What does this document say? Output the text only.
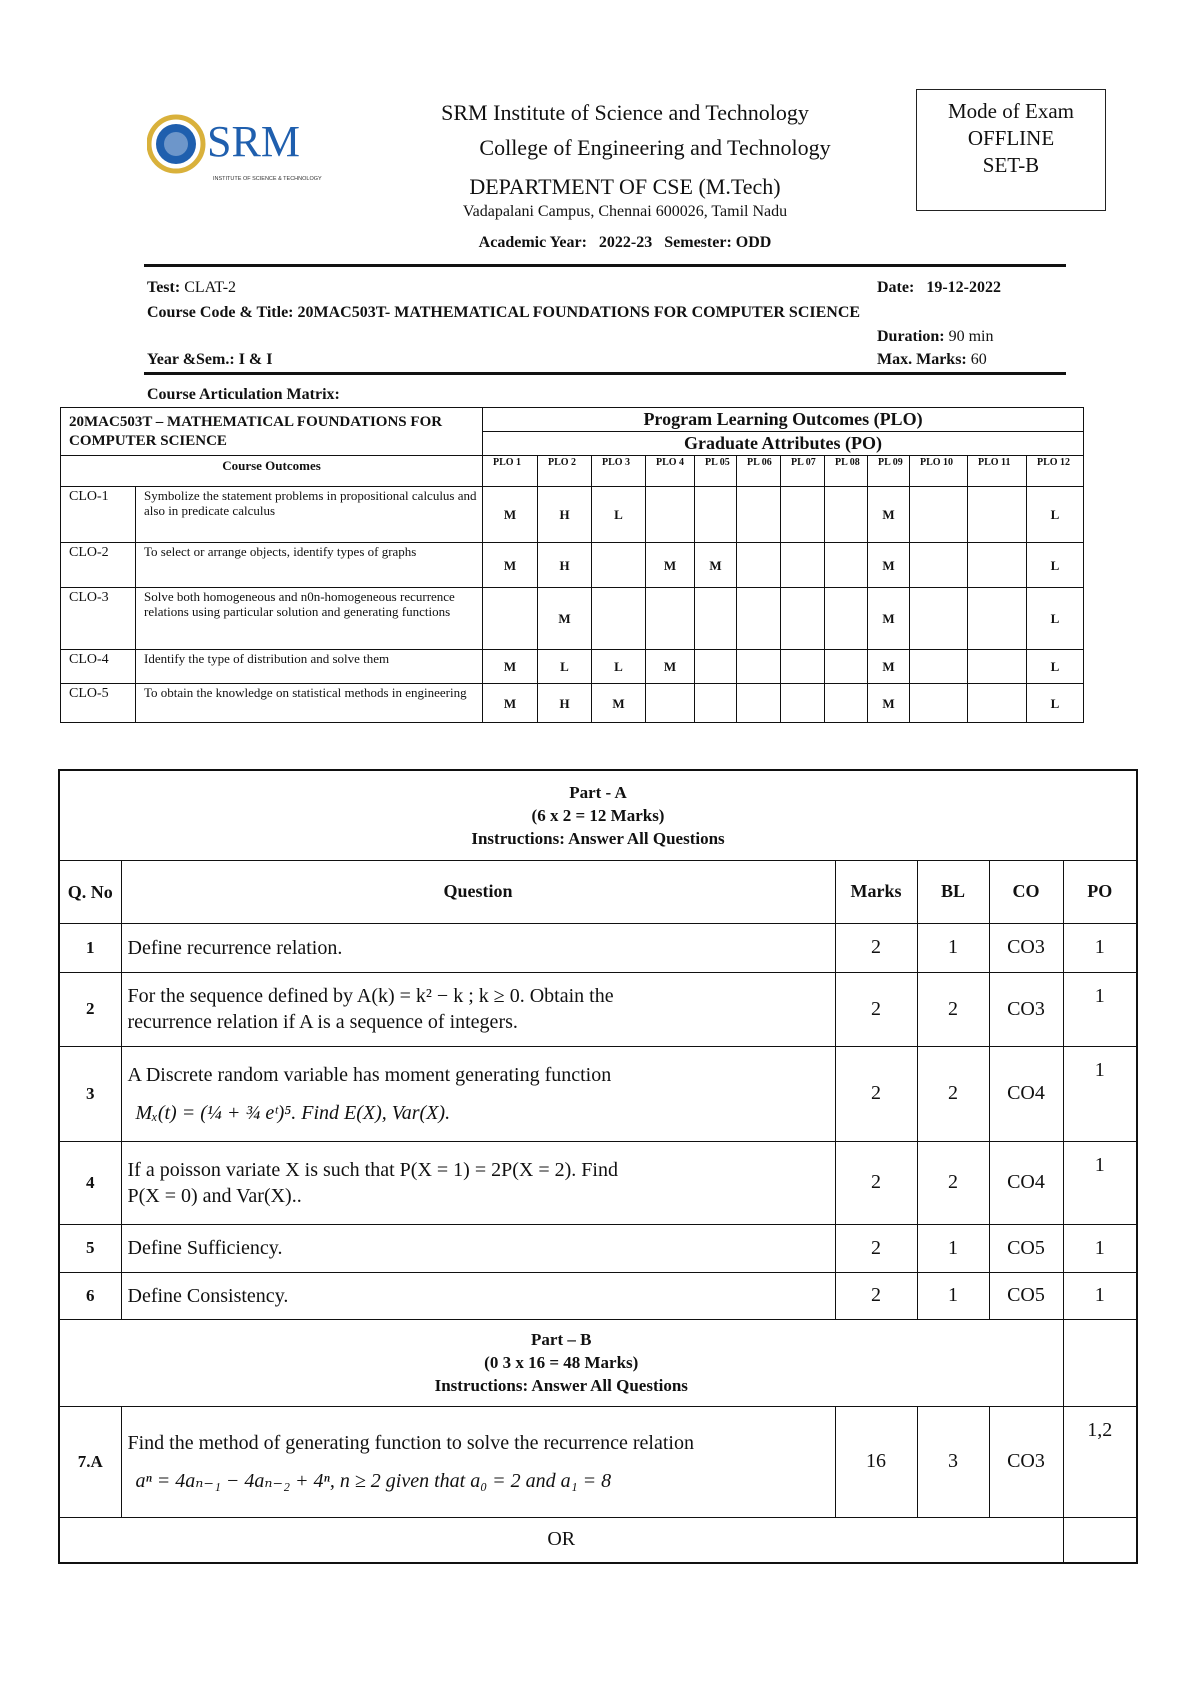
SRM
INSTITUTE OF SCIENCE & TECHNOLOGY
SRM Institute of Science and Technology
College of Engineering and Technology
DEPARTMENT OF CSE (M.Tech)
Vadapalani Campus, Chennai 600026, Tamil Nadu
Academic Year: 2022-23 Semester: ODD
Mode of Exam
OFFLINE
SET-B
Test: CLAT-2	Date: 19-12-2022
Course Code & Title: 20MAC503T- MATHEMATICAL FOUNDATIONS FOR COMPUTER SCIENCE
Duration: 90 min
Year &Sem.: I & I	Max. Marks: 60
Course Articulation Matrix:
20MAC503T – MATHEMATICAL FOUNDATIONS FOR COMPUTER SCIENCE		Program Learning Outcomes (PLO)											
		Graduate Attributes (PO)											
Course Outcomes		PLO 1	PLO 2	PLO 3	PLO 4	PL 05	PL 06	PL 07	PL 08	PL 09	PLO 10	PLO 11	PLO 12
CLO-1	Symbolize the statement problems in propositional calculus and also in predicate calculus	M	H	L						M			L
CLO-2	To select or arrange objects, identify types of graphs	M	H		M	M				M			L
CLO-3	Solve both homogeneous and n0n-homogeneous recurrence relations using particular solution and generating functions		M							M			L
CLO-4	Identify the type of distribution and solve them	M	L	L	M					M			L
CLO-5	To obtain the knowledge on statistical methods in engineering	M	H	M						M			L
Part - A
(6 x 2 = 12 Marks)
Instructions: Answer All Questions					

Q. No	Question	Marks	BL	CO	PO
1	Define recurrence relation.	2	1	CO3	1
2	For the sequence defined by A(k) = k² − k ; k ≥ 0. Obtain the
recurrence relation if A is a sequence of integers.	2	2	CO3	1
3	A Discrete random variable has moment generating function
Mₓ(t) = (¼ + ¾ eᵗ)⁵. Find E(X), Var(X).	2	2	CO4	1
4	If a poisson variate X is such that P(X = 1) = 2P(X = 2). Find
P(X = 0) and Var(X)..	2	2	CO4	1
5	Define Sufficiency.	2	1	CO5	1
6	Define Consistency.	2	1	CO5	1

Part – B
(0 3 x 16 = 48 Marks)
Instructions: Answer All Questions					

7.A	Find the method of generating function to solve the recurrence relation
aⁿ = 4aₙ₋₁ − 4aₙ₋₂ + 4ⁿ, n ≥ 2 given that a₀ = 2 and a₁ = 8	16	3	CO3	1,2
OR					
